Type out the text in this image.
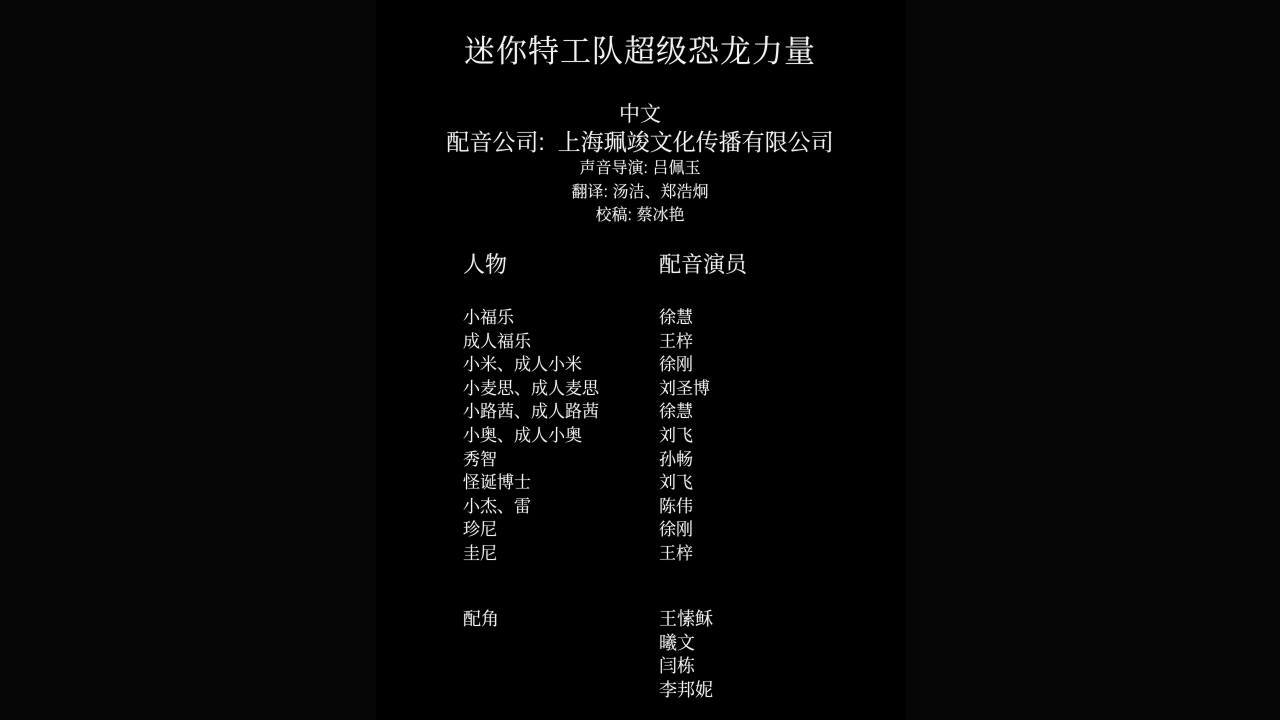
迷你特工队超级恐龙力量
中文
配音公司:  上海珮竣文化传播有限公司
声音导演: 吕佩玉
翻译: 汤洁、郑浩炯
校稿: 蔡冰艳
人物	配音演员
小福乐	徐慧
成人福乐	王梓
小米、成人小米	徐刚
小麦思、成人麦思	刘圣博
小路茜、成人路茜	徐慧
小奥、成人小奥	刘飞
秀智	孙畅
怪诞博士	刘飞
小杰、雷	陈伟
珍尼	徐刚
圭尼	王梓
配角	王愫稣
曦文
闫栋
李邦妮
